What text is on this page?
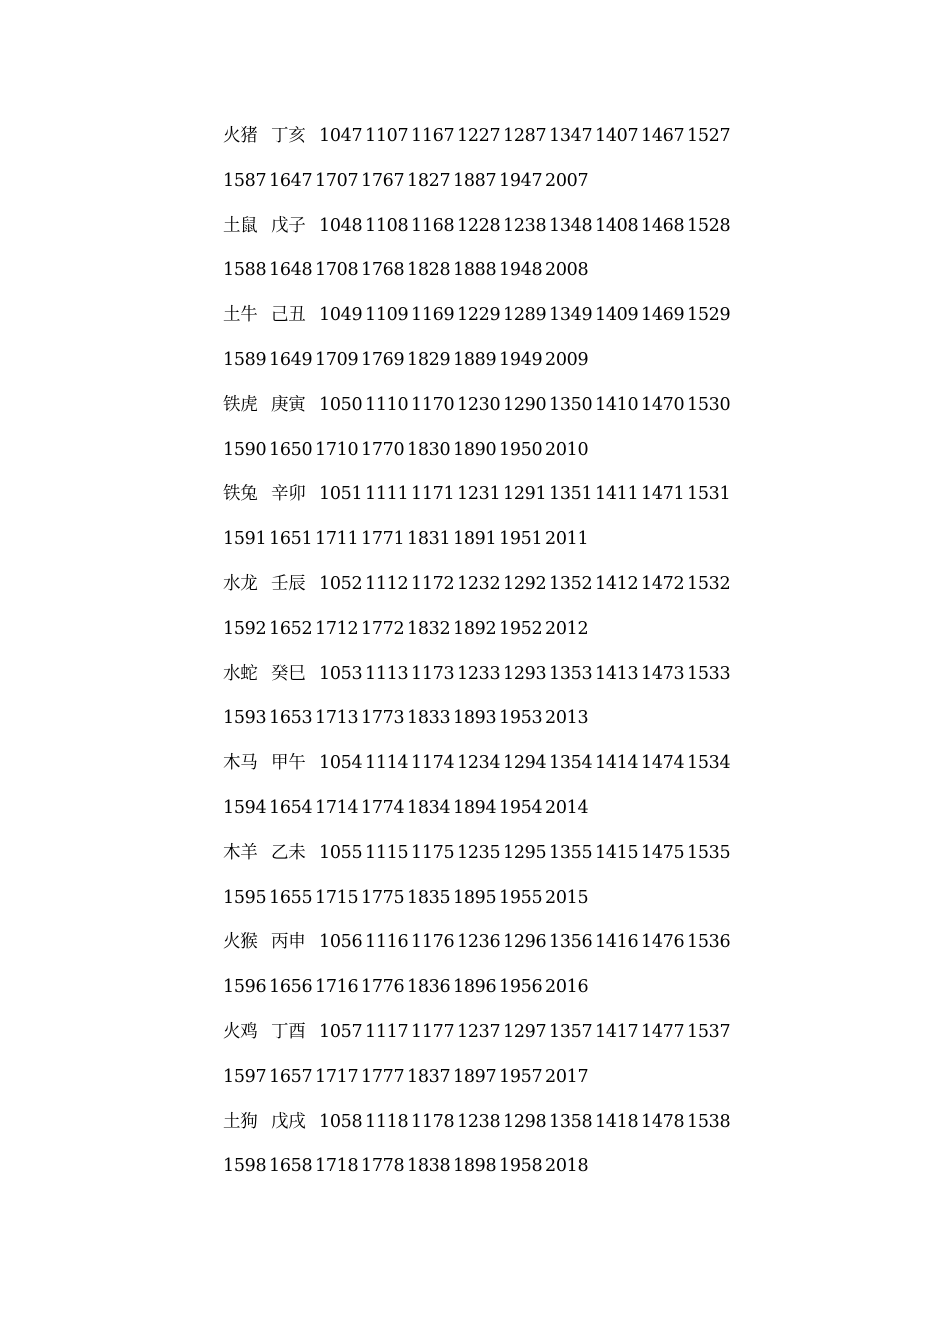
火猪 丁亥 1047 1107 1167 1227 1287 1347 1407 1467 1527
1587 1647 1707 1767 1827 1887 1947 2007
土鼠 戊子 1048 1108 1168 1228 1238 1348 1408 1468 1528
1588 1648 1708 1768 1828 1888 1948 2008
土牛 己丑 1049 1109 1169 1229 1289 1349 1409 1469 1529
1589 1649 1709 1769 1829 1889 1949 2009
铁虎 庚寅 1050 1110 1170 1230 1290 1350 1410 1470 1530
1590 1650 1710 1770 1830 1890 1950 2010
铁兔 辛卯 1051 1111 1171 1231 1291 1351 1411 1471 1531
1591 1651 1711 1771 1831 1891 1951 2011
水龙 壬辰 1052 1112 1172 1232 1292 1352 1412 1472 1532
1592 1652 1712 1772 1832 1892 1952 2012
水蛇 癸巳 1053 1113 1173 1233 1293 1353 1413 1473 1533
1593 1653 1713 1773 1833 1893 1953 2013
木马 甲午 1054 1114 1174 1234 1294 1354 1414 1474 1534
1594 1654 1714 1774 1834 1894 1954 2014
木羊 乙未 1055 1115 1175 1235 1295 1355 1415 1475 1535
1595 1655 1715 1775 1835 1895 1955 2015
火猴 丙申 1056 1116 1176 1236 1296 1356 1416 1476 1536
1596 1656 1716 1776 1836 1896 1956 2016
火鸡 丁酉 1057 1117 1177 1237 1297 1357 1417 1477 1537
1597 1657 1717 1777 1837 1897 1957 2017
土狗 戊戌 1058 1118 1178 1238 1298 1358 1418 1478 1538
1598 1658 1718 1778 1838 1898 1958 2018
